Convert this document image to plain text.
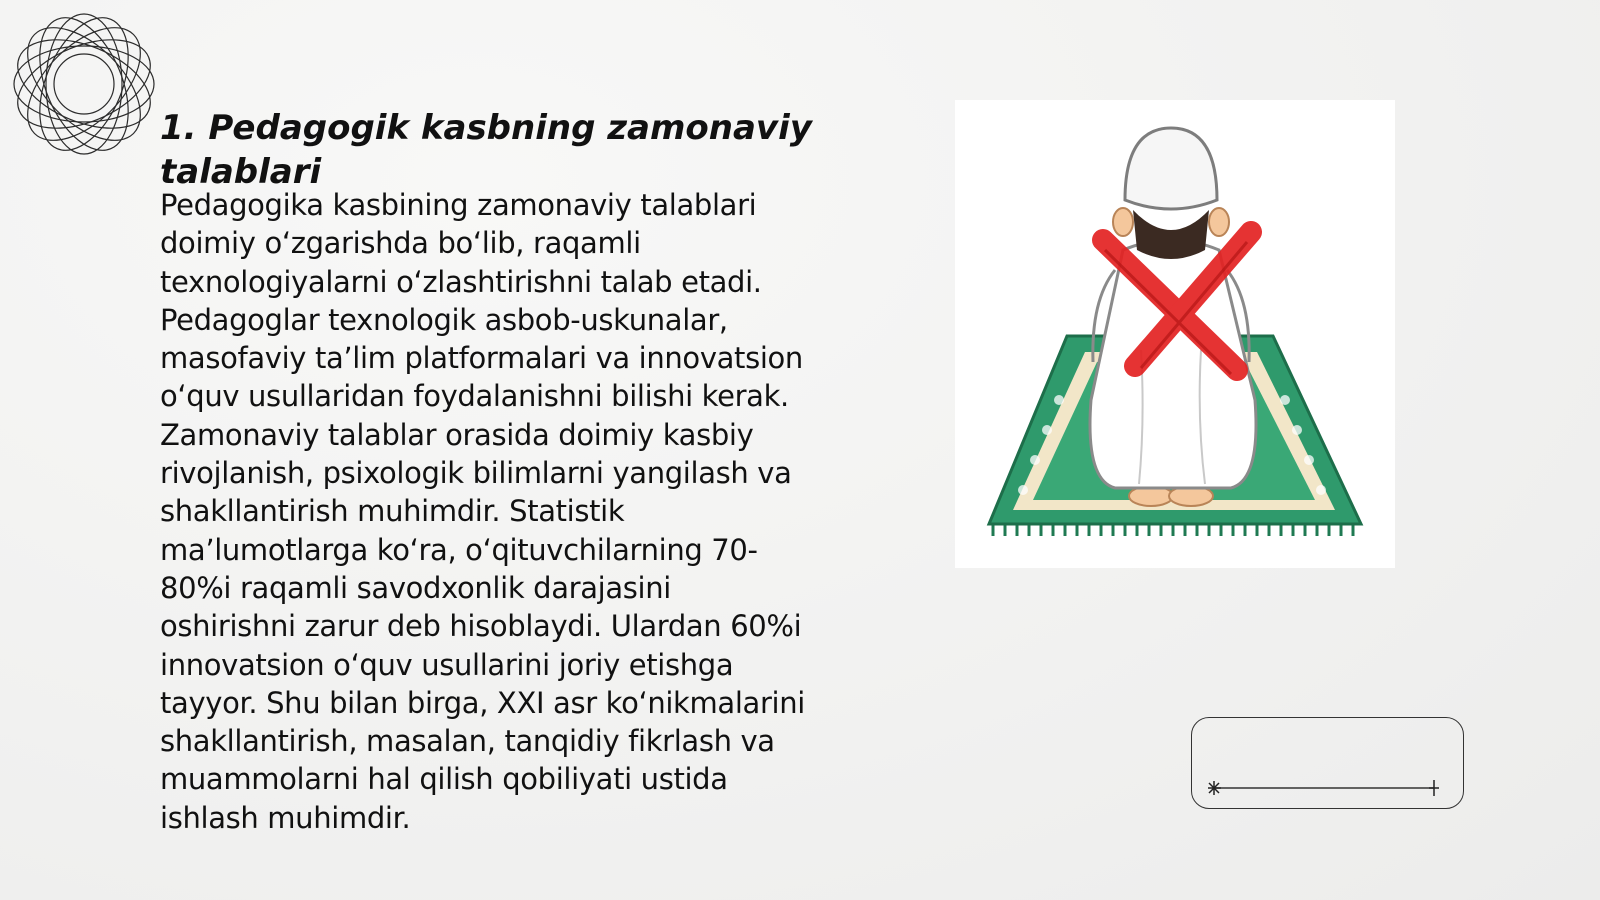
1. Pedagogik kasbning zamonaviy talablari
Pedagogika kasbining zamonaviy talablari
doimiy oʻzgarishda boʻlib, raqamli
texnologiyalarni oʻzlashtirishni talab etadi.
Pedagoglar texnologik asbob-uskunalar,
masofaviy taʼlim platformalari va innovatsion
oʻquv usullaridan foydalanishni bilishi kerak.
Zamonaviy talablar orasida doimiy kasbiy
rivojlanish, psixologik bilimlarni yangilash va
shakllantirish muhimdir. Statistik
maʼlumotlarga koʻra, oʻqituvchilarning 70-
80%i raqamli savodxonlik darajasini
oshirishni zarur deb hisoblaydi. Ulardan 60%i
innovatsion oʻquv usullarini joriy etishga
tayyor. Shu bilan birga, XXI asr koʻnikmalarini
shakllantirish, masalan, tanqidiy fikrlash va
muammolarni hal qilish qobiliyati ustida
ishlash muhimdir.
